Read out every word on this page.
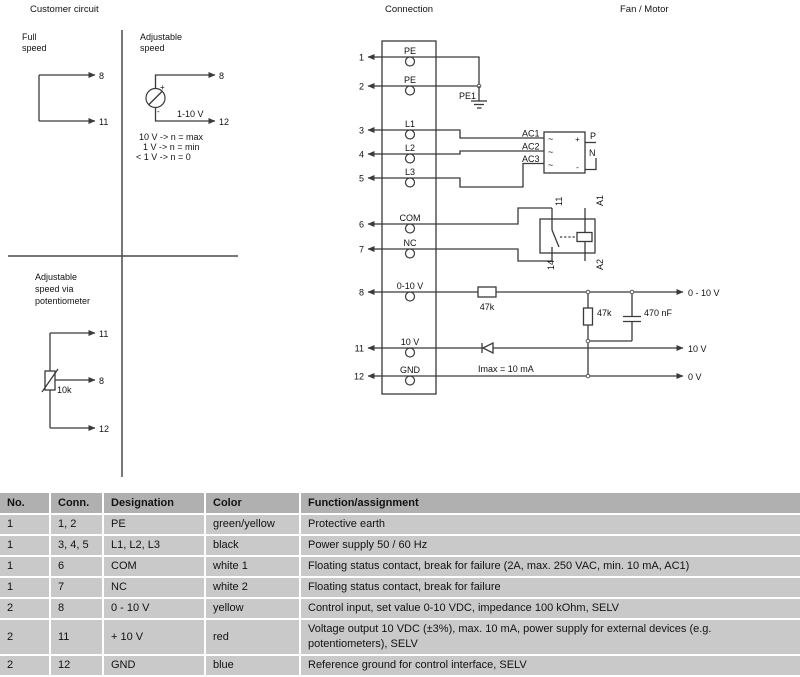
Customer circuit	Connection	Fan / Motor
Full
speed
8
11
Adjustable
speed
+
-
8
12
1-10 V
10 V -> n = max
1 V -> n = min
< 1 V -> n = 0
Adjustable
speed via
potentiometer
11
8
12
10k
1
PE
2
PE
PE1
3
L1
4
L2
5
L3
6
COM
7
NC
8
0-10 V
11
10 V
12
GND
AC1
AC2
AC3
~
~
~
+
-
P
N
11
14
A1
A2
47k
47k	470 nF
Imax = 10 mA
0 - 10 V
10 V
0 V
No.	Conn.	Designation	Color	Function/assignment
1	1, 2	PE	green/yellow	Protective earth
1	3, 4, 5	L1, L2, L3	black	Power supply 50 / 60 Hz
1	6	COM	white 1	Floating status contact, break for failure (2A, max. 250 VAC, min. 10 mA, AC1)
1	7	NC	white 2	Floating status contact, break for failure
2	8	0 - 10 V	yellow	Control input, set value 0-10 VDC, impedance 100 kOhm, SELV
2	11	+ 10 V	red	Voltage output 10 VDC (±3%), max. 10 mA, power supply for external devices (e.g. potentiometers), SELV
2	12	GND	blue	Reference ground for control interface, SELV
